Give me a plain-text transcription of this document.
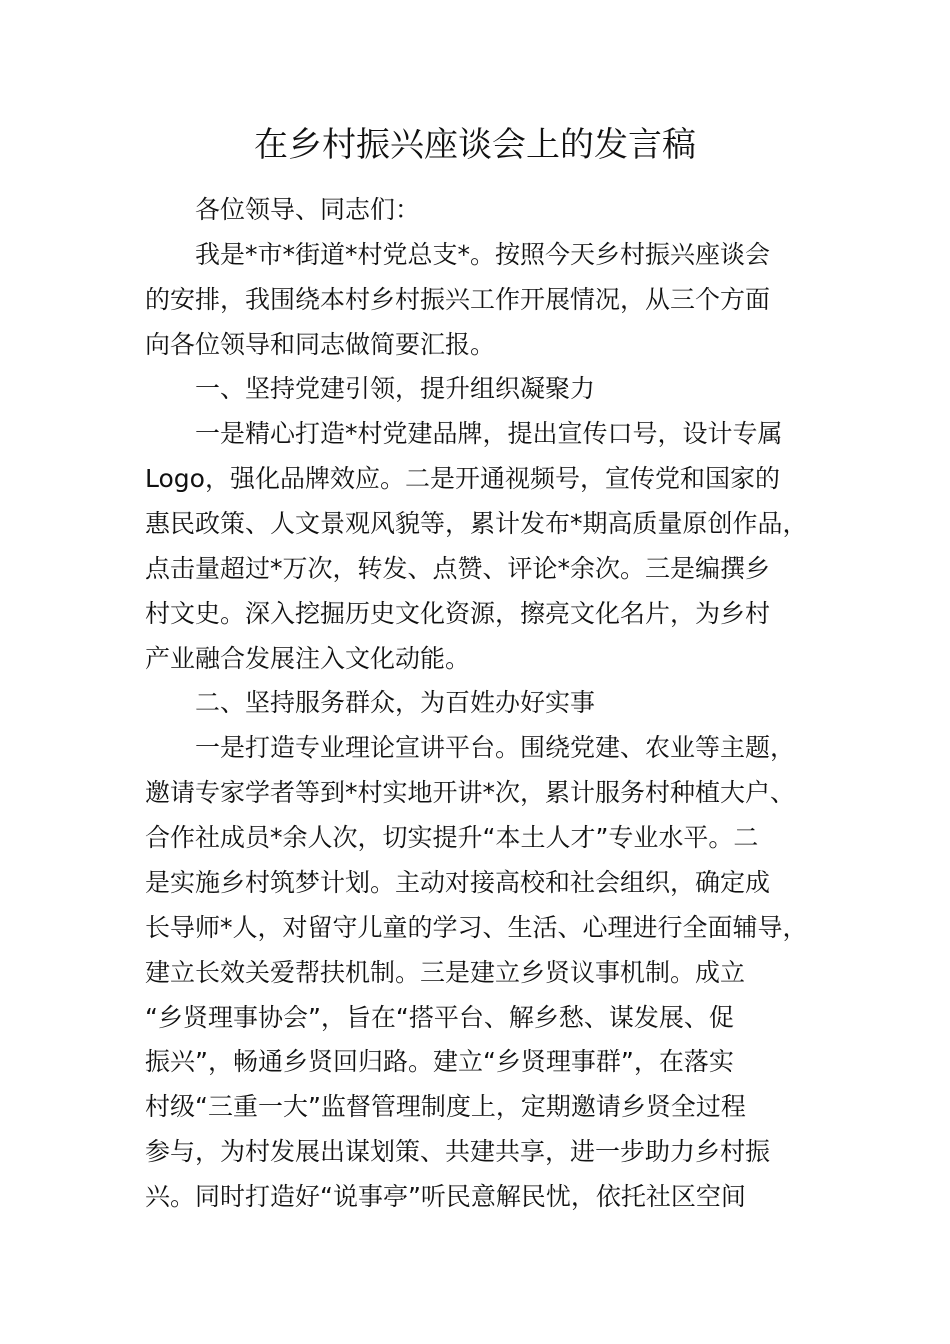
在乡村振兴座谈会上的发言稿
各位领导、同志们：
我是*市*街道*村党总支*。按照今天乡村振兴座谈会
的安排，我围绕本村乡村振兴工作开展情况，从三个方面
向各位领导和同志做简要汇报。
一、坚持党建引领，提升组织凝聚力
一是精心打造*村党建品牌，提出宣传口号，设计专属
Logo，强化品牌效应。二是开通视频号，宣传党和国家的
惠民政策、人文景观风貌等，累计发布*期高质量原创作品，
点击量超过*万次，转发、点赞、评论*余次。三是编撰乡
村文史。深入挖掘历史文化资源，擦亮文化名片，为乡村
产业融合发展注入文化动能。
二、坚持服务群众，为百姓办好实事
一是打造专业理论宣讲平台。围绕党建、农业等主题，
邀请专家学者等到*村实地开讲*次，累计服务村种植大户、
合作社成员*余人次，切实提升“本土人才”专业水平。二
是实施乡村筑梦计划。主动对接高校和社会组织，确定成
长导师*人，对留守儿童的学习、生活、心理进行全面辅导，
建立长效关爱帮扶机制。三是建立乡贤议事机制。成立
“乡贤理事协会”，旨在“搭平台、解乡愁、谋发展、促
振兴”，畅通乡贤回归路。建立“乡贤理事群”，在落实
村级“三重一大”监督管理制度上，定期邀请乡贤全过程
参与，为村发展出谋划策、共建共享，进一步助力乡村振
兴。同时打造好“说事亭”听民意解民忧，依托社区空间
